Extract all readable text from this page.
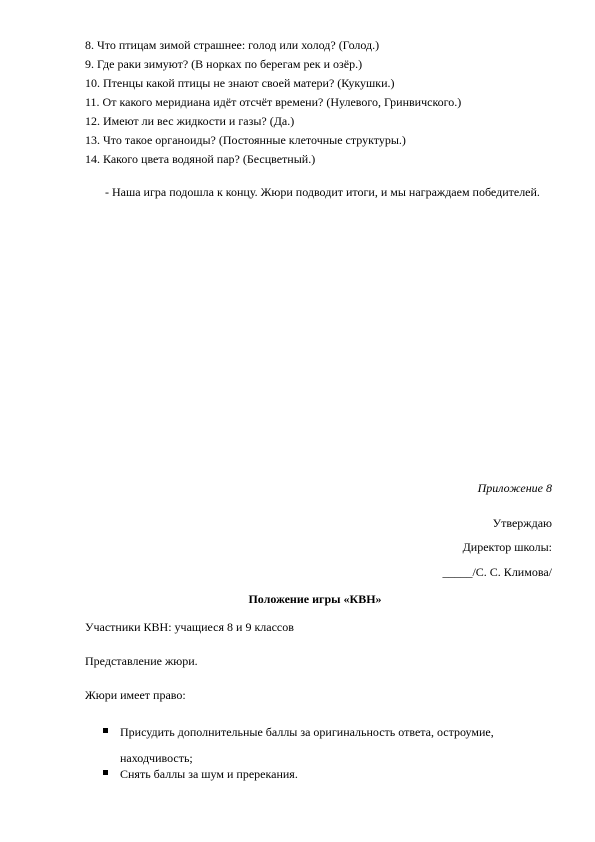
8. Что птицам зимой страшнее: голод или холод? (Голод.)
9. Где раки зимуют? (В норках по берегам рек и озёр.)
10. Птенцы какой птицы не знают своей матери? (Кукушки.)
11. От какого меридиана идёт отсчёт времени? (Нулевого, Гринвичского.)
12. Имеют ли вес жидкости и газы? (Да.)
13. Что такое органоиды? (Постоянные клеточные структуры.)
14. Какого цвета водяной пар? (Бесцветный.)
- Наша игра подошла к концу. Жюри подводит итоги, и мы награждаем победителей.
Приложение 8
Утверждаю
Директор школы:
_____/С. С. Климова/
Положение игры «КВН»
Участники КВН: учащиеся 8 и 9 классов
Представление жюри.
Жюри имеет право:
Присудить дополнительные баллы за оригинальность ответа, остроумие, находчивость;
Снять баллы за шум и пререкания.
